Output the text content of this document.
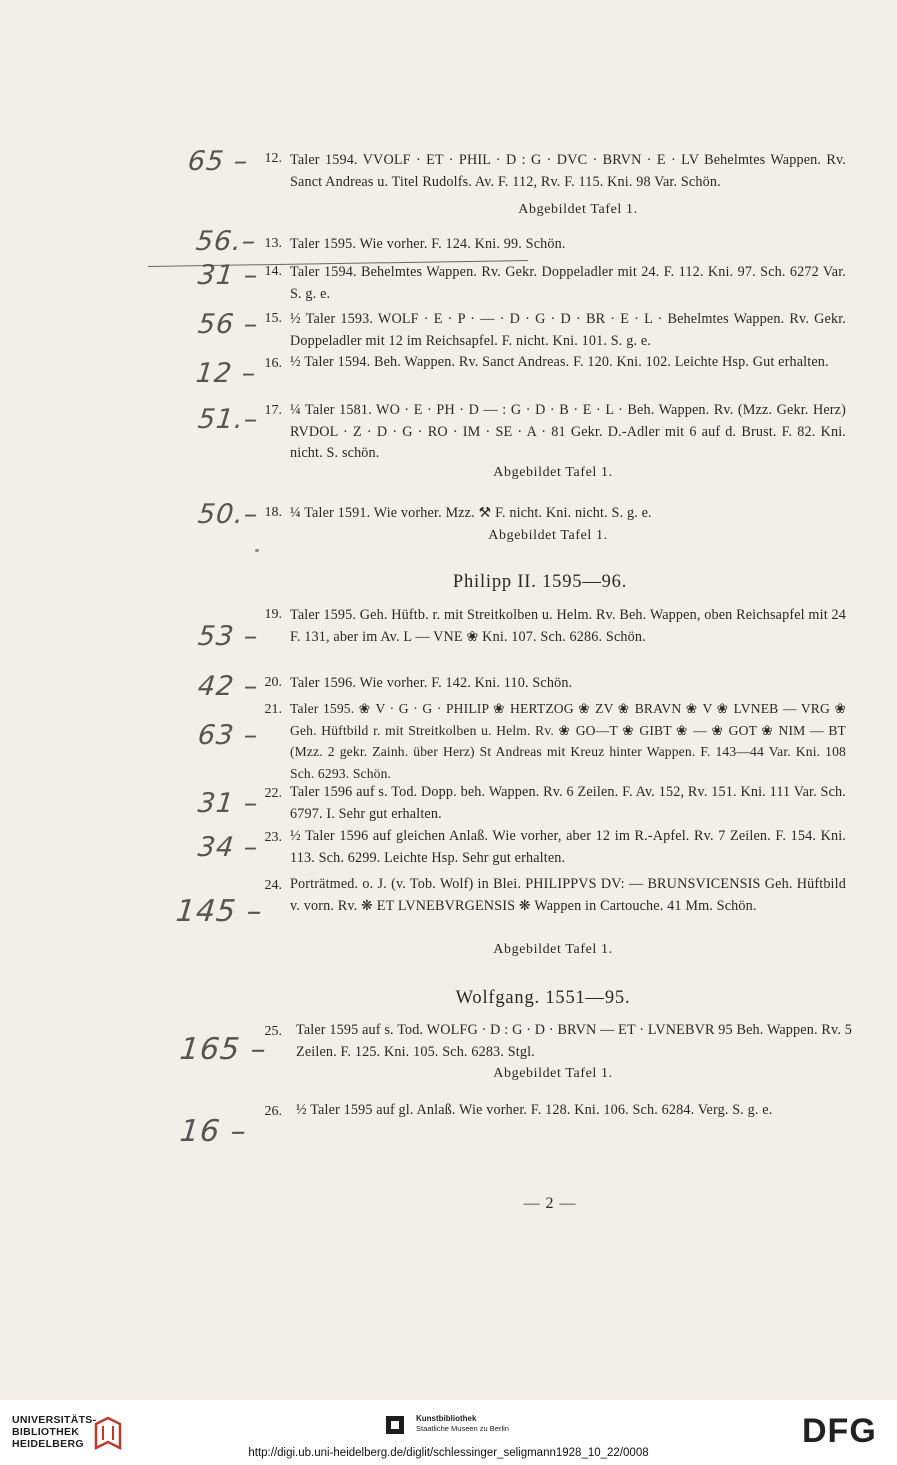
65 –	12. Taler 1594. VVOLF · ET · PHIL · D : G · DVC · BRVN · E · LV Behelmtes Wappen. Rv. Sanct Andreas u. Titel Rudolfs. Av. F. 112, Rv. F. 115. Kni. 98 Var. Schön.
Abgebildet Tafel 1.
56.– 13. Taler 1595. Wie vorher. F. 124. Kni. 99. Schön.
31 – 14. Taler 1594. Behelmtes Wappen. Rv. Gekr. Doppeladler mit 24. F. 112. Kni. 97. Sch. 6272 Var. S. g. e.
56 – 15. ½ Taler 1593. WOLF · E · P · — · D · G · D · BR · E · L · Behelmtes Wappen. Rv. Gekr. Doppeladler mit 12 im Reichsapfel. F. nicht. Kni. 101. S. g. e.
12 – 16. ½ Taler 1594. Beh. Wappen. Rv. Sanct Andreas. F. 120. Kni. 102. Leichte Hsp. Gut erhalten.
51.– 17. ¼ Taler 1581. WO · E · PH · D — : G · D · B · E · L · Beh. Wappen. Rv. (Mzz. Gekr. Herz) RVDOL · Z · D · G · RO · IM · SE · A · 81 Gekr. D.-Adler mit 6 auf d. Brust. F. 82. Kni. nicht. S. schön.
Abgebildet Tafel 1.
50.– 18. ¼ Taler 1591. Wie vorher. Mzz. ⚒ F. nicht. Kni. nicht. S. g. e.
Abgebildet Tafel 1.
Philipp II. 1595—96.
53 –
19. Taler 1595. Geh. Hüftb. r. mit Streitkolben u. Helm. Rv. Beh. Wappen, oben Reichsapfel mit 24 F. 131, aber im Av. L — VNE ❀ Kni. 107. Sch. 6286. Schön.
42 – 20. Taler 1596. Wie vorher. F. 142. Kni. 110. Schön.
63 –
21. Taler 1595. ❀ V · G · G · PHILIP ❀ HERTZOG ❀ ZV ❀ BRAVN ❀ V ❀ LVNEB — VRG ❀ Geh. Hüftbild r. mit Streitkolben u. Helm. Rv. ❀ GO—T ❀ GIBT ❀ — ❀ GOT ❀ NIM — BT (Mzz. 2 gekr. Zainh. über Herz) St Andreas mit Kreuz hinter Wappen. F. 143—44 Var. Kni. 108 Sch. 6293. Schön.
31 – 22. Taler 1596 auf s. Tod. Dopp. beh. Wappen. Rv. 6 Zeilen. F. Av. 152, Rv. 151. Kni. 111 Var. Sch. 6797. I. Sehr gut erhalten.
34 – 23. ½ Taler 1596 auf gleichen Anlaß. Wie vorher, aber 12 im R.-Apfel. Rv. 7 Zeilen. F. 154. Kni. 113. Sch. 6299. Leichte Hsp. Sehr gut erhalten.
145 –
24. Porträtmed. o. J. (v. Tob. Wolf) in Blei. PHILIPPVS DV: — BRUNSVICENSIS Geh. Hüftbild v. vorn. Rv. ❋ ET LVNEBVRGENSIS ❋ Wappen in Cartouche. 41 Mm. Schön.
Abgebildet Tafel 1.
Wolfgang. 1551—95.
165 –
25. Taler 1595 auf s. Tod. WOLFG · D : G · D · BRVN — ET · LVNEBVR 95 Beh. Wappen. Rv. 5 Zeilen. F. 125. Kni. 105. Sch. 6283. Stgl.
Abgebildet Tafel 1.
16 –
26. ½ Taler 1595 auf gl. Anlaß. Wie vorher. F. 128. Kni. 106. Sch. 6284. Verg. S. g. e.
— 2 —
UNIVERSITÄTS-
BIBLIOTHEK
HEIDELBERG
Kunstbibliothek
Staatliche Museen zu Berlin	DFG
http://digi.ub.uni-heidelberg.de/diglit/schlessinger_seligmann1928_10_22/0008
